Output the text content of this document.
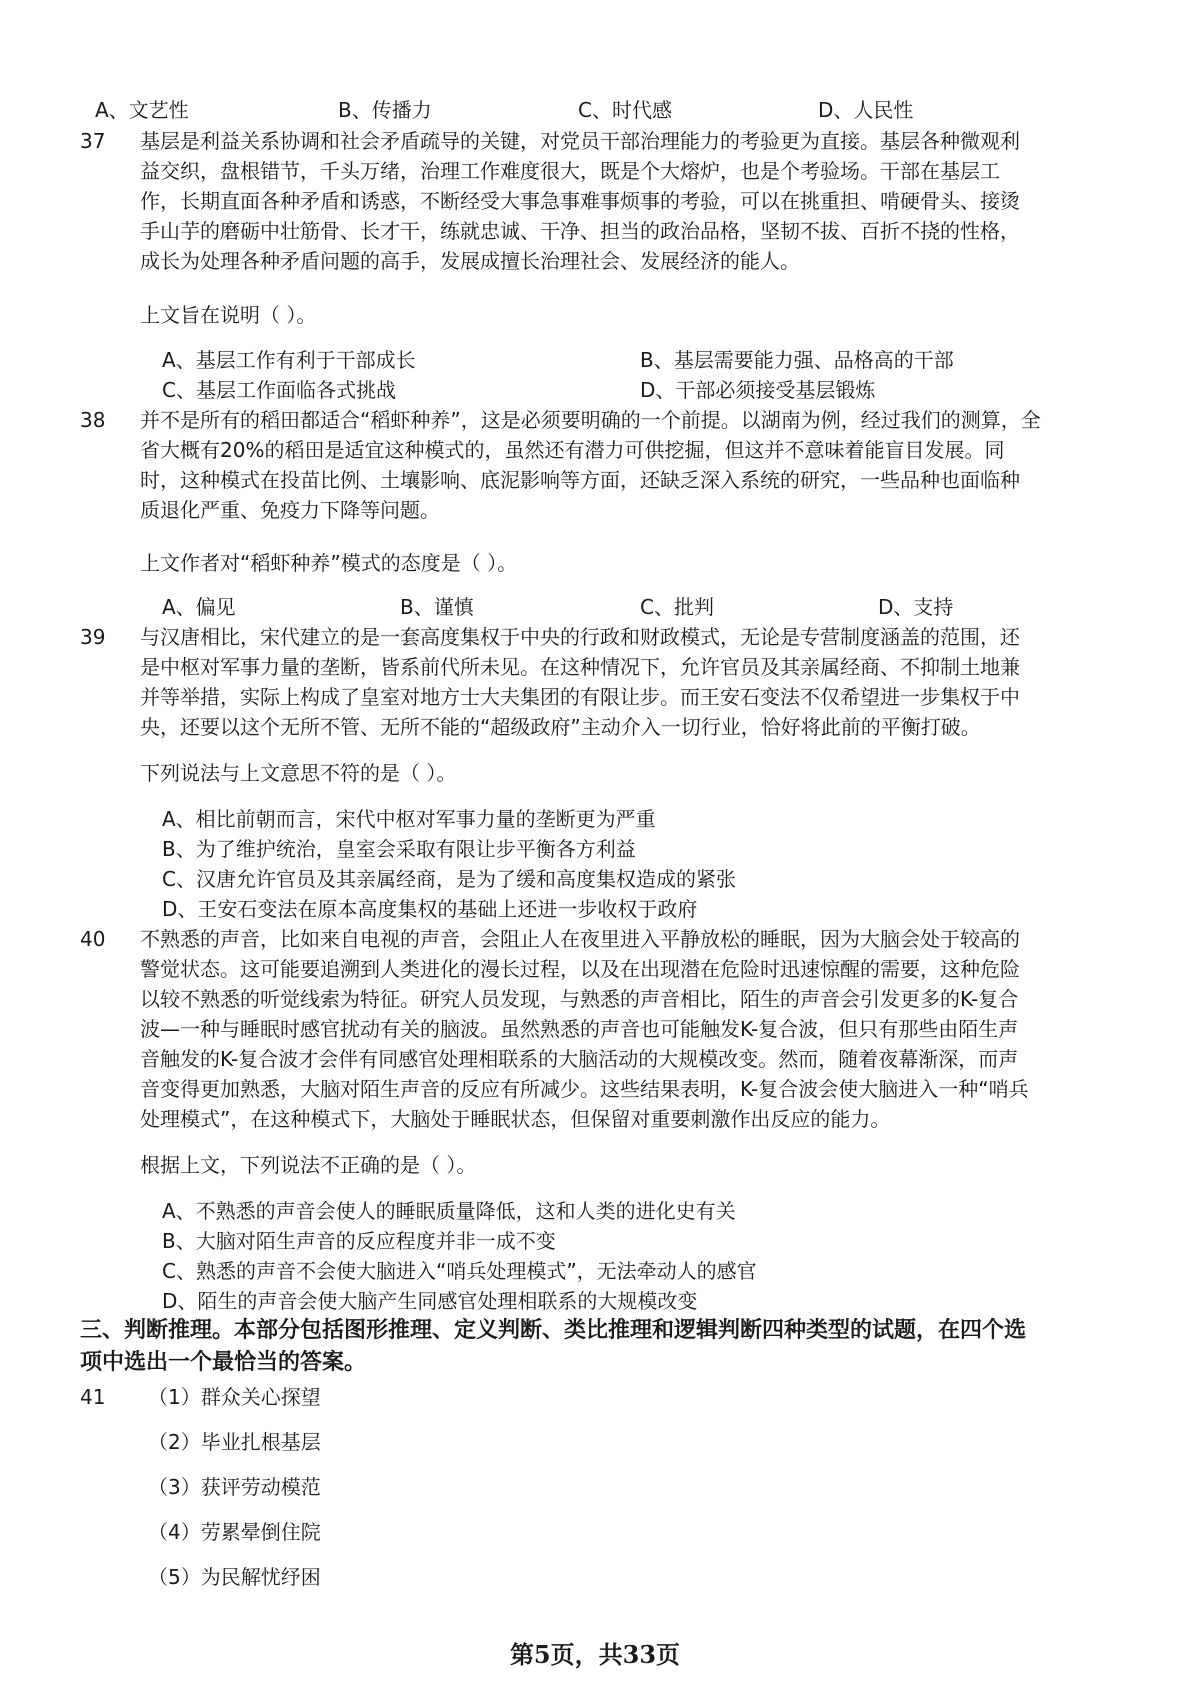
A、文艺性	B、传播力	C、时代感	D、人民性
37 基层是利益关系协调和社会矛盾疏导的关键，对党员干部治理能力的考验更为直接。基层各种微观利
益交织，盘根错节，千头万绪，治理工作难度很大，既是个大熔炉，也是个考验场。干部在基层工
作，长期直面各种矛盾和诱惑，不断经受大事急事难事烦事的考验，可以在挑重担、啃硬骨头、接烫
手山芋的磨砺中壮筋骨、长才干，练就忠诚、干净、担当的政治品格，坚韧不拔、百折不挠的性格，
成长为处理各种矛盾问题的高手，发展成擅长治理社会、发展经济的能人。
上文旨在说明（ ）。
A、基层工作有利于干部成长	B、基层需要能力强、品格高的干部
C、基层工作面临各式挑战	D、干部必须接受基层锻炼
38 并不是所有的稻田都适合“稻虾种养”，这是必须要明确的一个前提。以湖南为例，经过我们的测算，全
省大概有20%的稻田是适宜这种模式的，虽然还有潜力可供挖掘，但这并不意味着能盲目发展。同
时，这种模式在投苗比例、土壤影响、底泥影响等方面，还缺乏深入系统的研究，一些品种也面临种
质退化严重、免疫力下降等问题。
上文作者对“稻虾种养”模式的态度是（ ）。
A、偏见	B、谨慎	C、批判	D、支持
39 与汉唐相比，宋代建立的是一套高度集权于中央的行政和财政模式，无论是专营制度涵盖的范围，还
是中枢对军事力量的垄断，皆系前代所未见。在这种情况下，允许官员及其亲属经商、不抑制土地兼
并等举措，实际上构成了皇室对地方士大夫集团的有限让步。而王安石变法不仅希望进一步集权于中
央，还要以这个无所不管、无所不能的“超级政府”主动介入一切行业，恰好将此前的平衡打破。
下列说法与上文意思不符的是（ ）。
A、相比前朝而言，宋代中枢对军事力量的垄断更为严重
B、为了维护统治，皇室会采取有限让步平衡各方利益
C、汉唐允许官员及其亲属经商，是为了缓和高度集权造成的紧张
D、王安石变法在原本高度集权的基础上还进一步收权于政府
40 不熟悉的声音，比如来自电视的声音，会阻止人在夜里进入平静放松的睡眠，因为大脑会处于较高的
警觉状态。这可能要追溯到人类进化的漫长过程，以及在出现潜在危险时迅速惊醒的需要，这种危险
以较不熟悉的听觉线索为特征。研究人员发现，与熟悉的声音相比，陌生的声音会引发更多的K-复合
波—一种与睡眠时感官扰动有关的脑波。虽然熟悉的声音也可能触发K-复合波，但只有那些由陌生声
音触发的K-复合波才会伴有同感官处理相联系的大脑活动的大规模改变。然而，随着夜幕渐深，而声
音变得更加熟悉，大脑对陌生声音的反应有所减少。这些结果表明，K-复合波会使大脑进入一种“哨兵
处理模式”，在这种模式下，大脑处于睡眠状态，但保留对重要刺激作出反应的能力。
根据上文，下列说法不正确的是（ ）。
A、不熟悉的声音会使人的睡眠质量降低，这和人类的进化史有关
B、大脑对陌生声音的反应程度并非一成不变
C、熟悉的声音不会使大脑进入“哨兵处理模式”，无法牵动人的感官
D、陌生的声音会使大脑产生同感官处理相联系的大规模改变
三、判断推理。本部分包括图形推理、定义判断、类比推理和逻辑判断四种类型的试题，在四个选
项中选出一个最恰当的答案。
41 （1）群众关心探望
（2）毕业扎根基层
（3）获评劳动模范
（4）劳累晕倒住院
（5）为民解忧纾困
第5页，共33页
